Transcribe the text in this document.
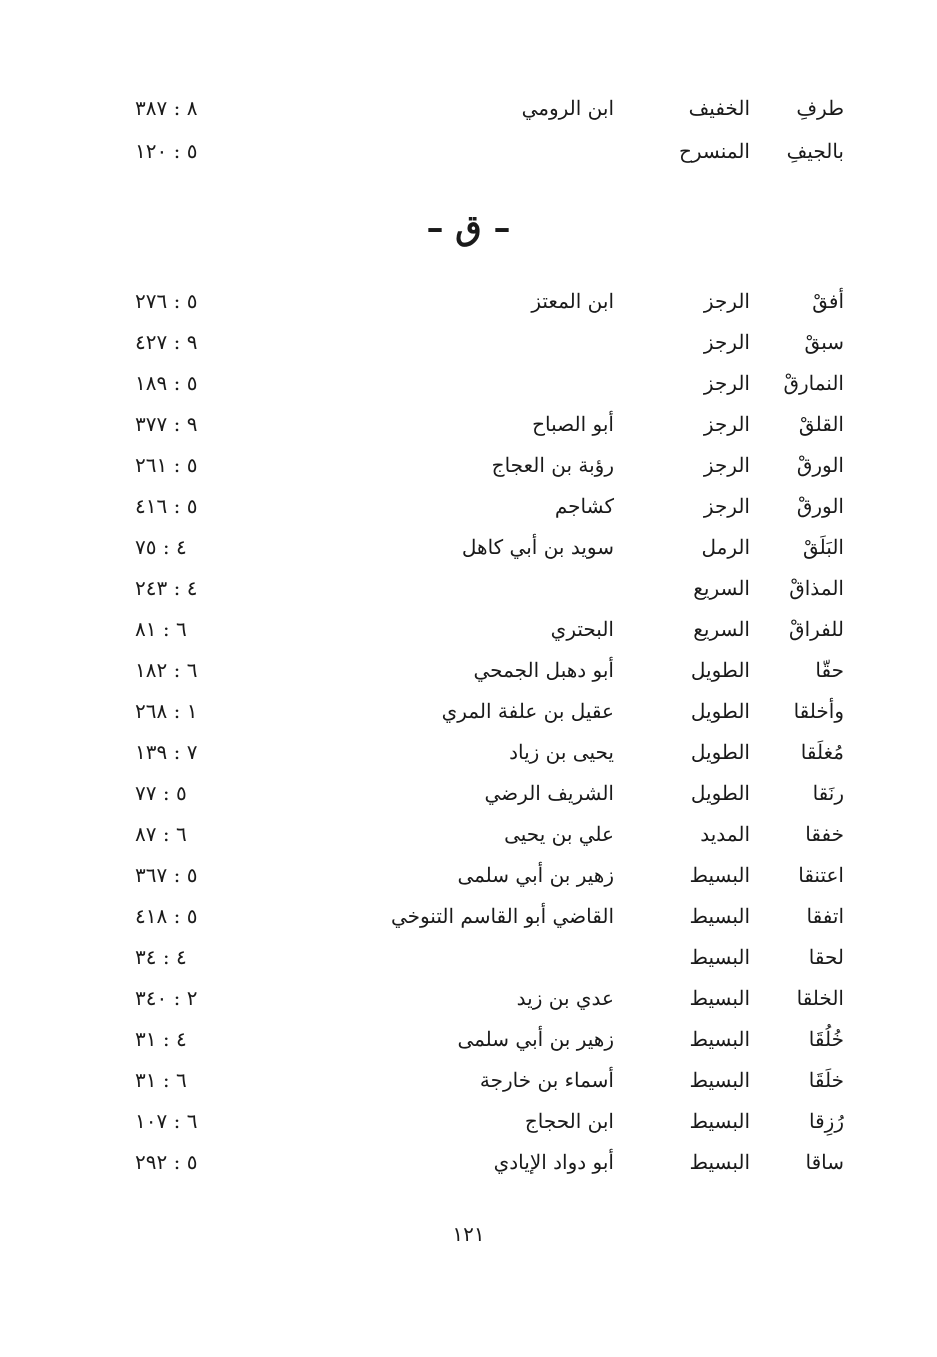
طرفِ
الخفيف
ابن الرومي
٨ : ٣٨٧
بالجيفِ
المنسرح
٥ : ١٢٠
– ق –
أفقْ
الرجز
ابن المعتز
٥ : ٢٧٦
سبقْ
الرجز
٩ : ٤٢٧
النمارقْ
الرجز
٥ : ١٨٩
القلقْ
الرجز
أبو الصباح
٩ : ٣٧٧
الورقْ
الرجز
رؤبة بن العجاج
٥ : ٢٦١
الورقْ
الرجز
كشاجم
٥ : ٤١٦
البَلَقْ
الرمل
سويد بن أبي كاهل
٤ : ٧٥
المذاقْ
السريع
٤ : ٢٤٣
للفراقْ
السريع
البحتري
٦ : ٨١
حقّا
الطويل
أبو دهبل الجمحي
٦ : ١٨٢
وأخلقا
الطويل
عقيل بن علفة المري
١ : ٢٦٨
مُغلَقا
الطويل
يحيى بن زياد
٧ : ١٣٩
رنَقا
الطويل
الشريف الرضي
٥ : ٧٧
خفقا
المديد
علي بن يحيى
٦ : ٨٧
اعتنقا
البسيط
زهير بن أبي سلمى
٥ : ٣٦٧
اتفقا
البسيط
القاضي أبو القاسم التنوخي
٥ : ٤١٨
لحقا
البسيط
٤ : ٣٤
الخلقا
البسيط
عدي بن زيد
٢ : ٣٤٠
خُلُقَا
البسيط
زهير بن أبي سلمى
٤ : ٣١
خلَقَا
البسيط
أسماء بن خارجة
٦ : ٣١
رُزِقا
البسيط
ابن الحجاج
٦ : ١٠٧
ساقا
البسيط
أبو دواد الإيادي
٥ : ٢٩٢
١٢١
